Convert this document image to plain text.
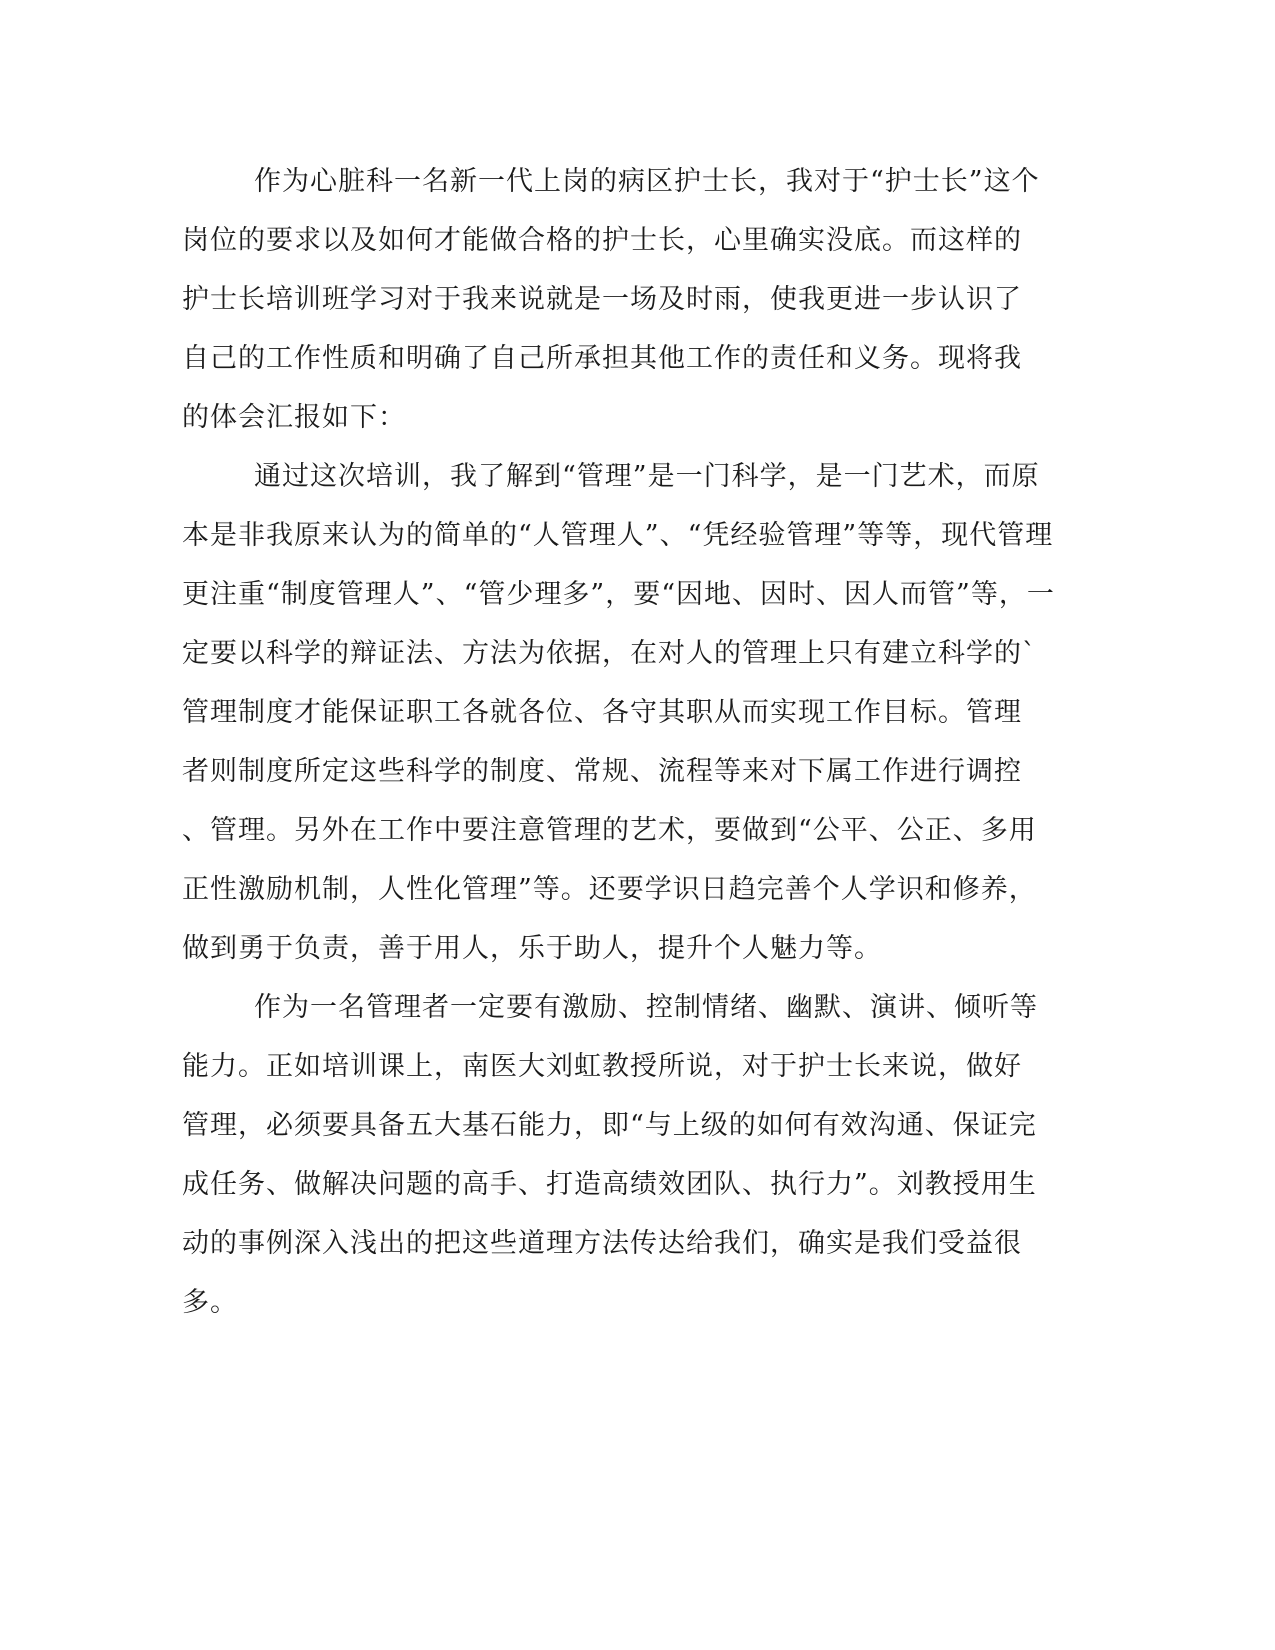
作为心脏科一名新一代上岗的病区护士长，我对于“护士长”这个
岗位的要求以及如何才能做合格的护士长，心里确实没底。而这样的
护士长培训班学习对于我来说就是一场及时雨，使我更进一步认识了
自己的工作性质和明确了自己所承担其他工作的责任和义务。现将我
的体会汇报如下：
通过这次培训，我了解到“管理”是一门科学，是一门艺术，而原
本是非我原来认为的简单的“人管理人”、“凭经验管理”等等，现代管理
更注重“制度管理人”、“管少理多”，要“因地、因时、因人而管”等，一
定要以科学的辩证法、方法为依据，在对人的管理上只有建立科学的`
管理制度才能保证职工各就各位、各守其职从而实现工作目标。管理
者则制度所定这些科学的制度、常规、流程等来对下属工作进行调控
、管理。另外在工作中要注意管理的艺术，要做到“公平、公正、多用
正性激励机制，人性化管理”等。还要学识日趋完善个人学识和修养，
做到勇于负责，善于用人，乐于助人，提升个人魅力等。
作为一名管理者一定要有激励、控制情绪、幽默、演讲、倾听等
能力。正如培训课上，南医大刘虹教授所说，对于护士长来说，做好
管理，必须要具备五大基石能力，即“与上级的如何有效沟通、保证完
成任务、做解决问题的高手、打造高绩效团队、执行力”。刘教授用生
动的事例深入浅出的把这些道理方法传达给我们，确实是我们受益很
多。
